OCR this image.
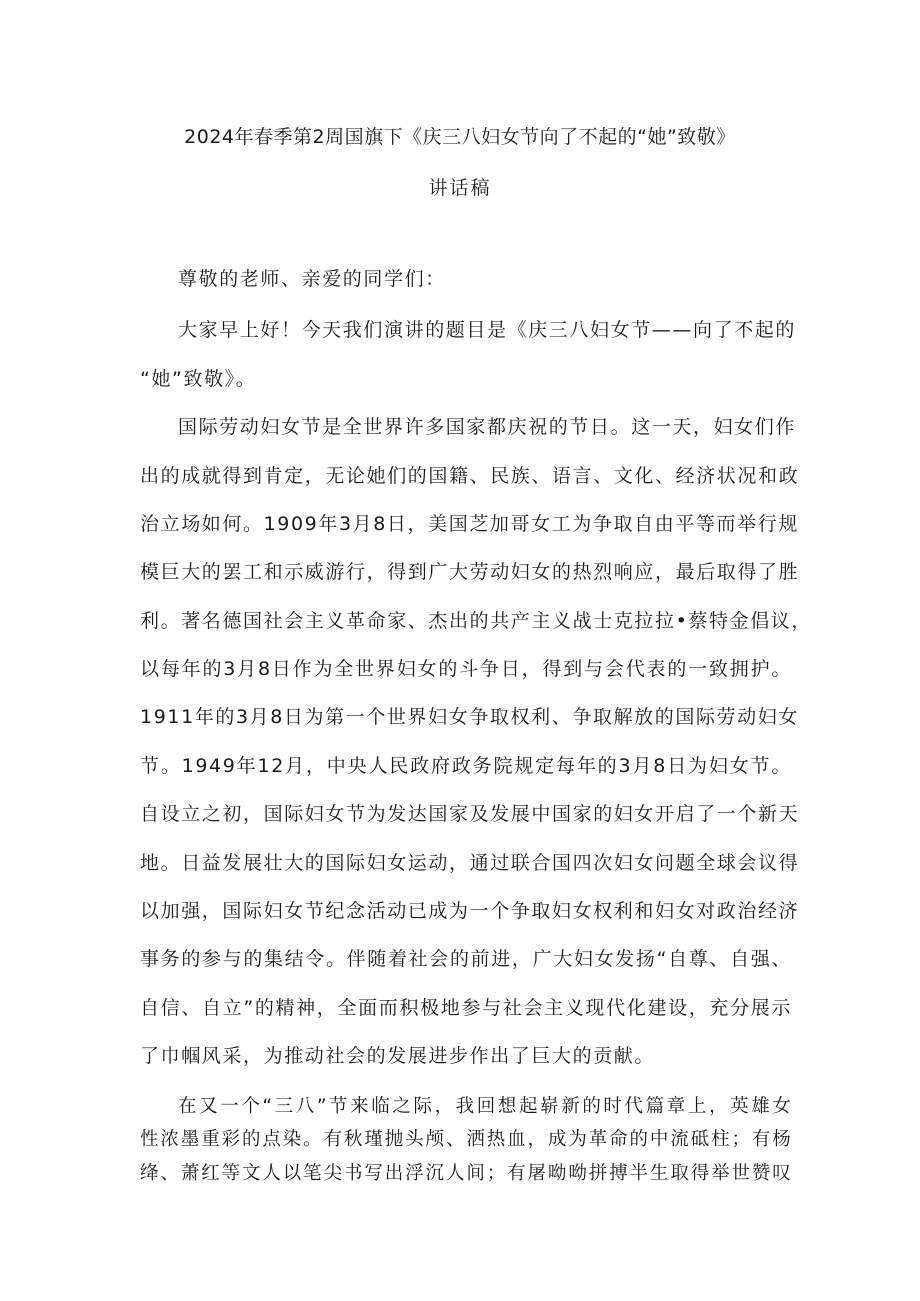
2024年春季第2周国旗下《庆三八妇女节向了不起的“她”致敬》
讲话稿
尊敬的老师、亲爱的同学们：
大家早上好！今天我们演讲的题目是《庆三八妇女节——向了不起的
“她”致敬》。
国际劳动妇女节是全世界许多国家都庆祝的节日。这一天，妇女们作
出的成就得到肯定，无论她们的国籍、民族、语言、文化、经济状况和政
治立场如何。1909年3月8日，美国芝加哥女工为争取自由平等而举行规
模巨大的罢工和示威游行，得到广大劳动妇女的热烈响应，最后取得了胜
利。著名德国社会主义革命家、杰出的共产主义战士克拉拉•蔡特金倡议，
以每年的3月8日作为全世界妇女的斗争日，得到与会代表的一致拥护。
1911年的3月8日为第一个世界妇女争取权利、争取解放的国际劳动妇女
节。1949年12月，中央人民政府政务院规定每年的3月8日为妇女节。
自设立之初，国际妇女节为发达国家及发展中国家的妇女开启了一个新天
地。日益发展壮大的国际妇女运动，通过联合国四次妇女问题全球会议得
以加强，国际妇女节纪念活动已成为一个争取妇女权利和妇女对政治经济
事务的参与的集结令。伴随着社会的前进，广大妇女发扬“自尊、自强、
自信、自立”的精神，全面而积极地参与社会主义现代化建设，充分展示
了巾帼风采，为推动社会的发展进步作出了巨大的贡献。
在又一个“三八”节来临之际，我回想起崭新的时代篇章上，英雄女
性浓墨重彩的点染。有秋瑾抛头颅、洒热血，成为革命的中流砥柱；有杨
绛、萧红等文人以笔尖书写出浮沉人间；有屠呦呦拼搏半生取得举世赞叹
